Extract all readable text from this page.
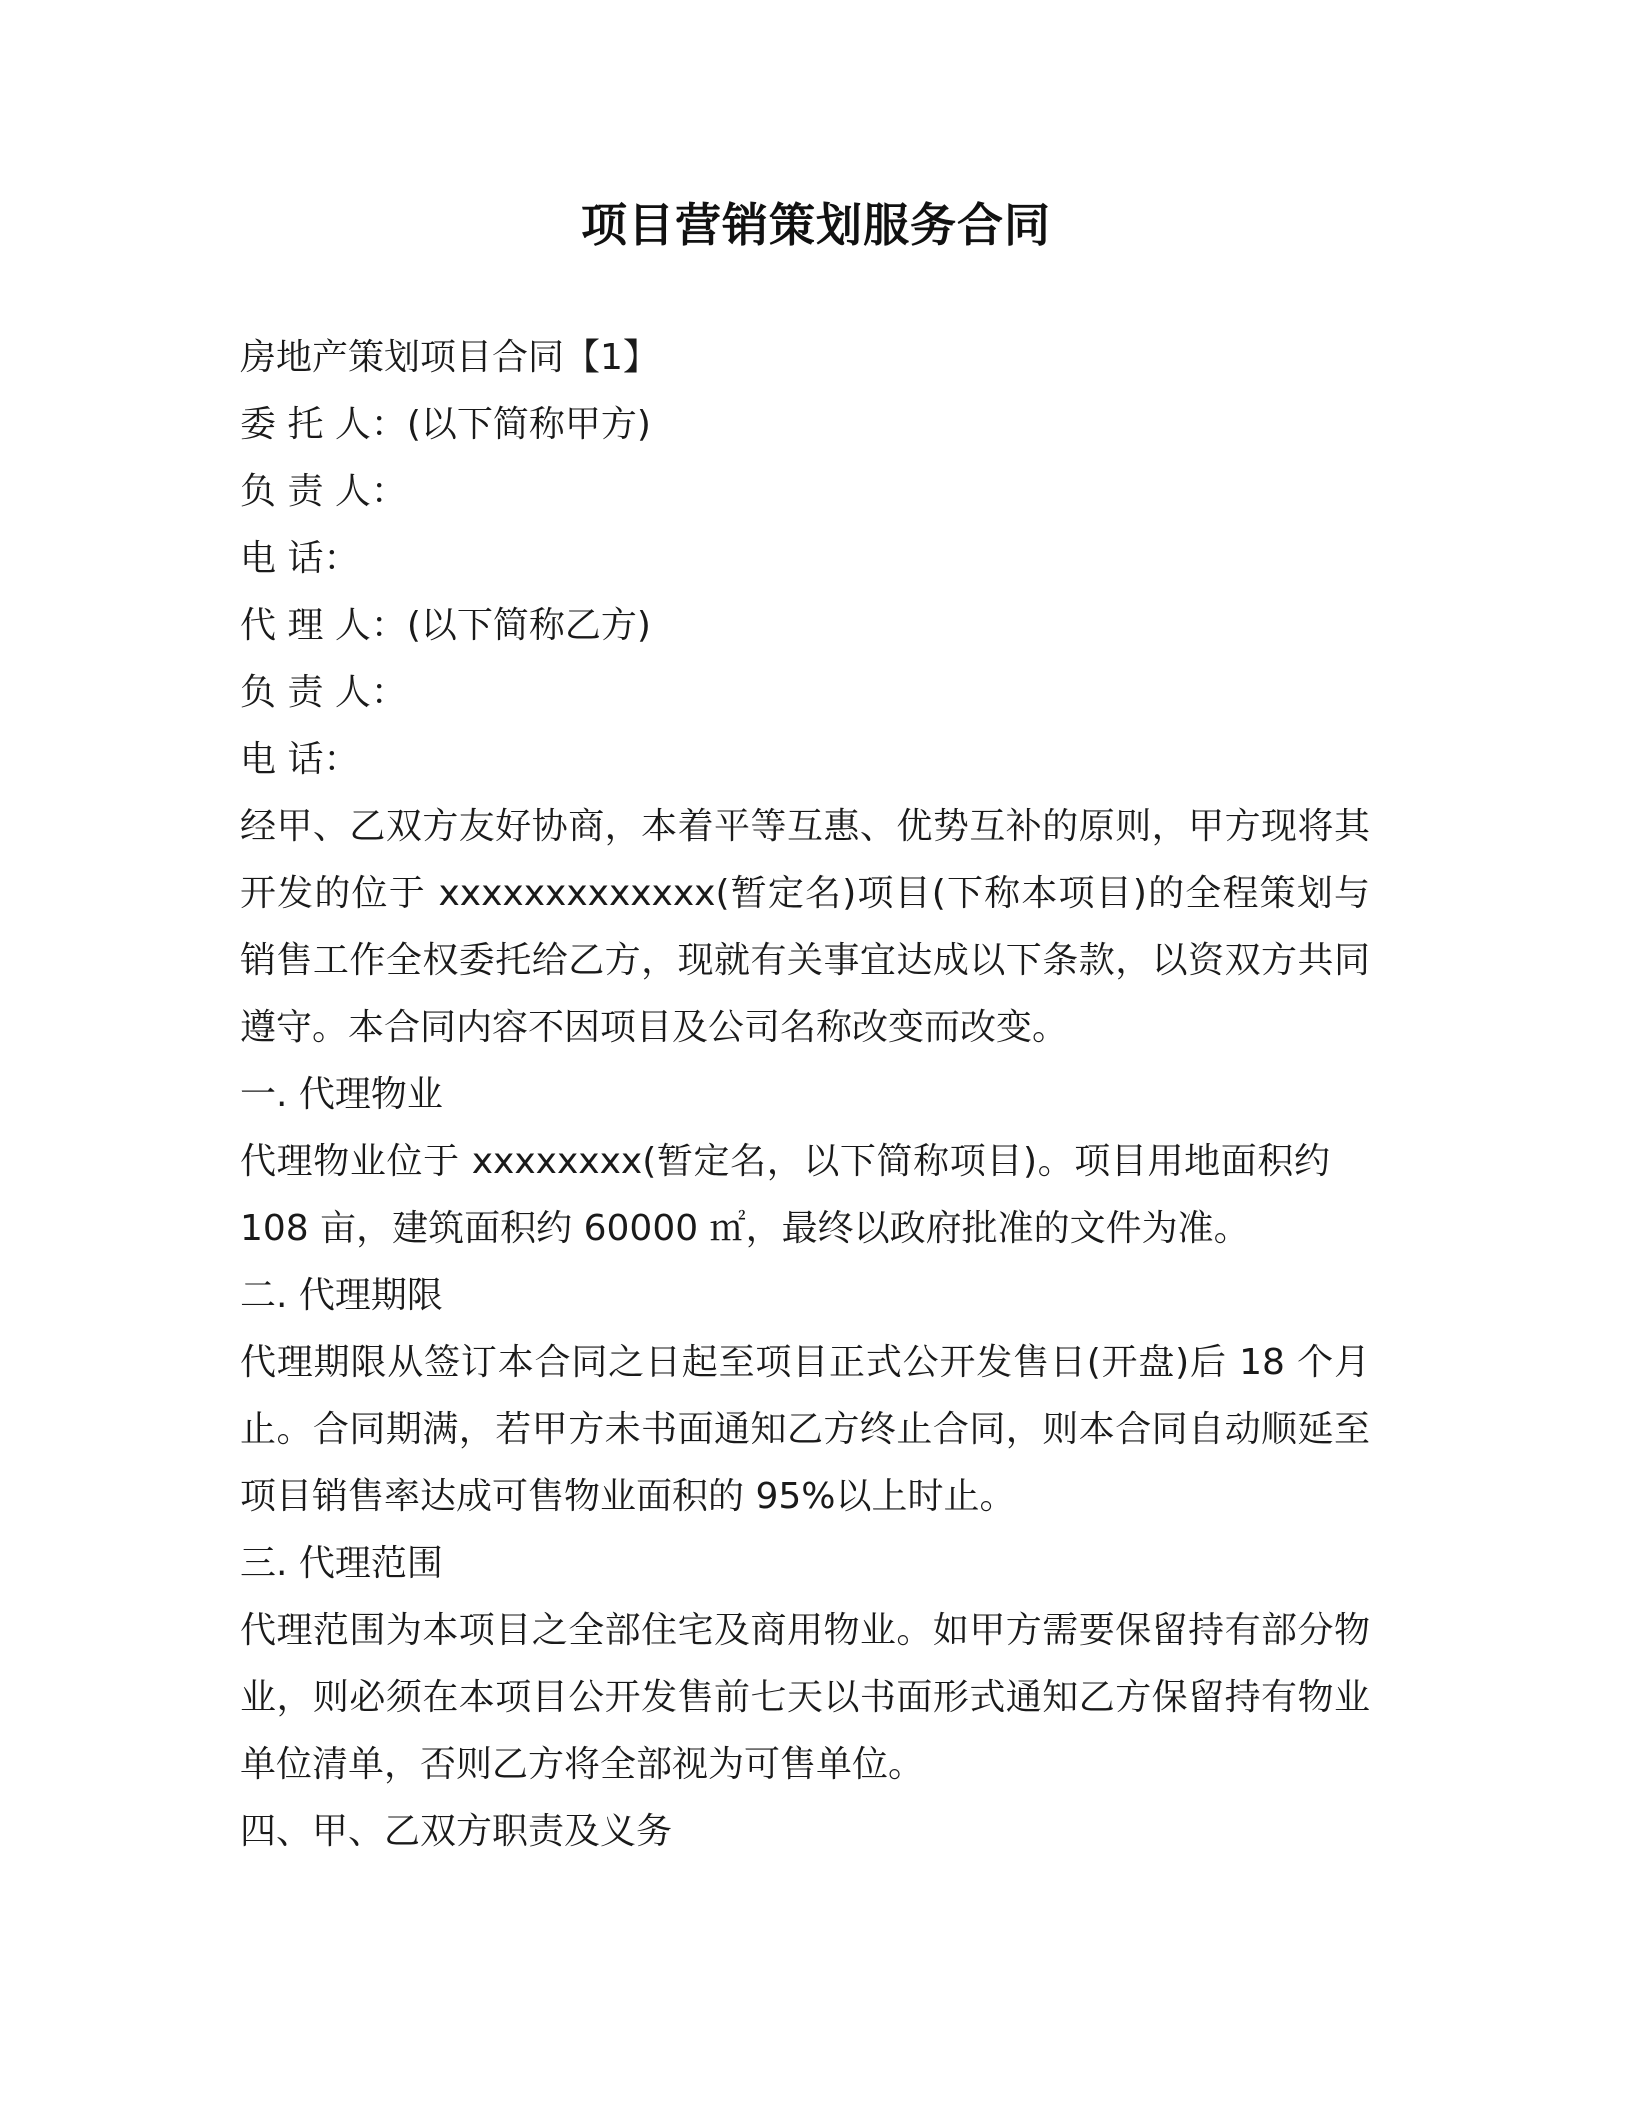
项目营销策划服务合同
房地产策划项目合同【1】
委 托 人：(以下简称甲方)
负 责 人：
电 话：
代 理 人：(以下简称乙方)
负 责 人：
电 话：
经甲、乙双方友好协商，本着平等互惠、优势互补的原则，甲方现将其开发的位于 xxxxxxxxxxxxx(暂定名)项目(下称本项目)的全程策划与销售工作全权委托给乙方，现就有关事宜达成以下条款，以资双方共同遵守。本合同内容不因项目及公司名称改变而改变。
一. 代理物业
代理物业位于 xxxxxxxx(暂定名，以下简称项目)。项目用地面积约 108 亩，建筑面积约 60000 ㎡，最终以政府批准的文件为准。
二. 代理期限
代理期限从签订本合同之日起至项目正式公开发售日(开盘)后 18 个月止。合同期满，若甲方未书面通知乙方终止合同，则本合同自动顺延至项目销售率达成可售物业面积的 95%以上时止。
三. 代理范围
代理范围为本项目之全部住宅及商用物业。如甲方需要保留持有部分物业，则必须在本项目公开发售前七天以书面形式通知乙方保留持有物业单位清单，否则乙方将全部视为可售单位。
四、甲、乙双方职责及义务
